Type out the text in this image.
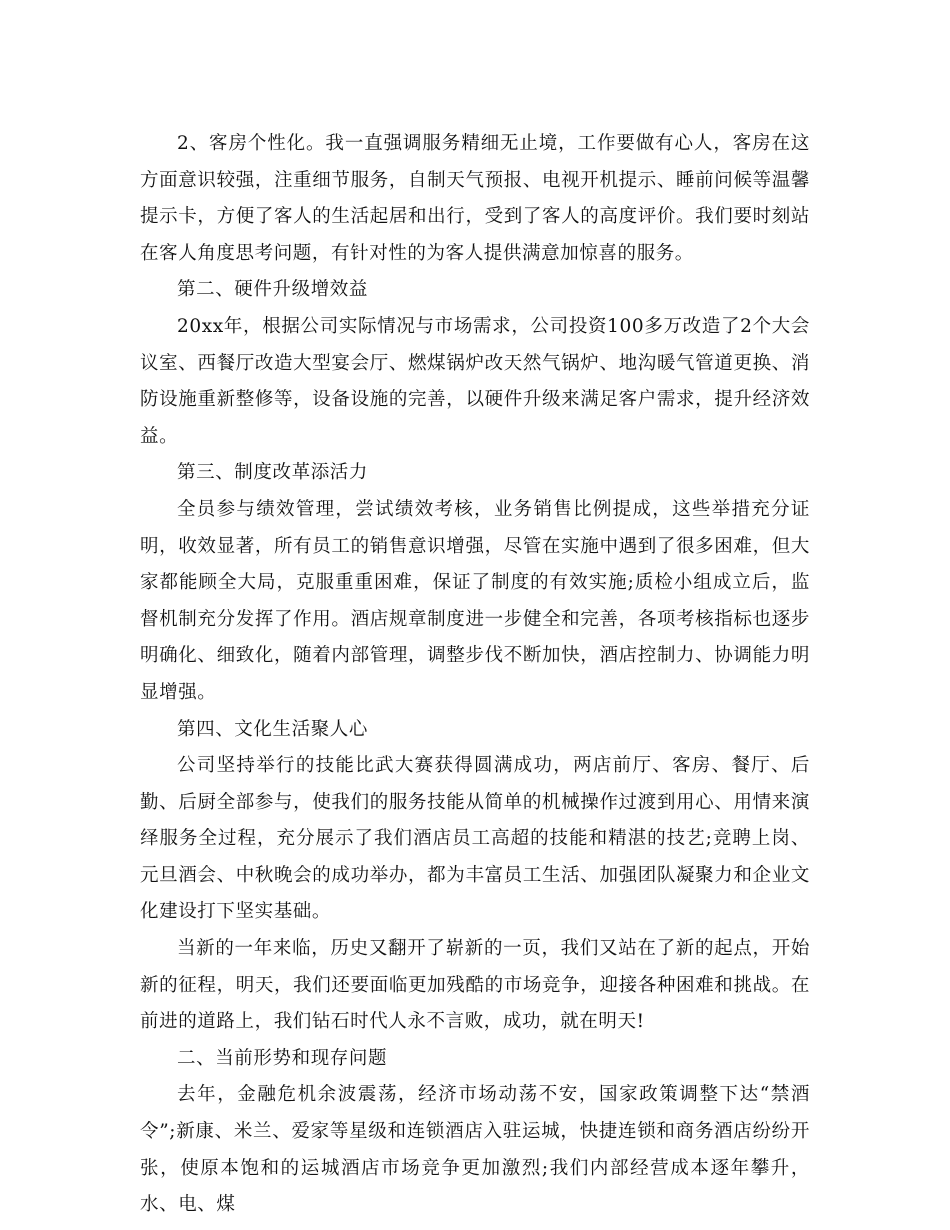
2、客房个性化。我一直强调服务精细无止境，工作要做有心人，客房在这方面意识较强，注重细节服务，自制天气预报、电视开机提示、睡前问候等温馨提示卡，方便了客人的生活起居和出行，受到了客人的高度评价。我们要时刻站在客人角度思考问题，有针对性的为客人提供满意加惊喜的服务。

第二、硬件升级增效益

20xx年，根据公司实际情况与市场需求，公司投资100多万改造了2个大会议室、西餐厅改造大型宴会厅、燃煤锅炉改天然气锅炉、地沟暖气管道更换、消防设施重新整修等，设备设施的完善，以硬件升级来满足客户需求，提升经济效益。

第三、制度改革添活力

全员参与绩效管理，尝试绩效考核，业务销售比例提成，这些举措充分证明，收效显著，所有员工的销售意识增强，尽管在实施中遇到了很多困难，但大家都能顾全大局，克服重重困难，保证了制度的有效实施;质检小组成立后，监督机制充分发挥了作用。酒店规章制度进一步健全和完善，各项考核指标也逐步明确化、细致化，随着内部管理，调整步伐不断加快，酒店控制力、协调能力明显增强。

第四、文化生活聚人心

公司坚持举行的技能比武大赛获得圆满成功，两店前厅、客房、餐厅、后勤、后厨全部参与，使我们的服务技能从简单的机械操作过渡到用心、用情来演绎服务全过程，充分展示了我们酒店员工高超的技能和精湛的技艺;竞聘上岗、元旦酒会、中秋晚会的成功举办，都为丰富员工生活、加强团队凝聚力和企业文化建设打下坚实基础。

当新的一年来临，历史又翻开了崭新的一页，我们又站在了新的起点，开始新的征程，明天，我们还要面临更加残酷的市场竞争，迎接各种困难和挑战。在前进的道路上，我们钻石时代人永不言败，成功，就在明天!

二、当前形势和现存问题

去年，金融危机余波震荡，经济市场动荡不安，国家政策调整下达“禁酒令”;新康、米兰、爱家等星级和连锁酒店入驻运城，快捷连锁和商务酒店纷纷开张，使原本饱和的运城酒店市场竞争更加激烈;我们内部经营成本逐年攀升，水、电、煤
